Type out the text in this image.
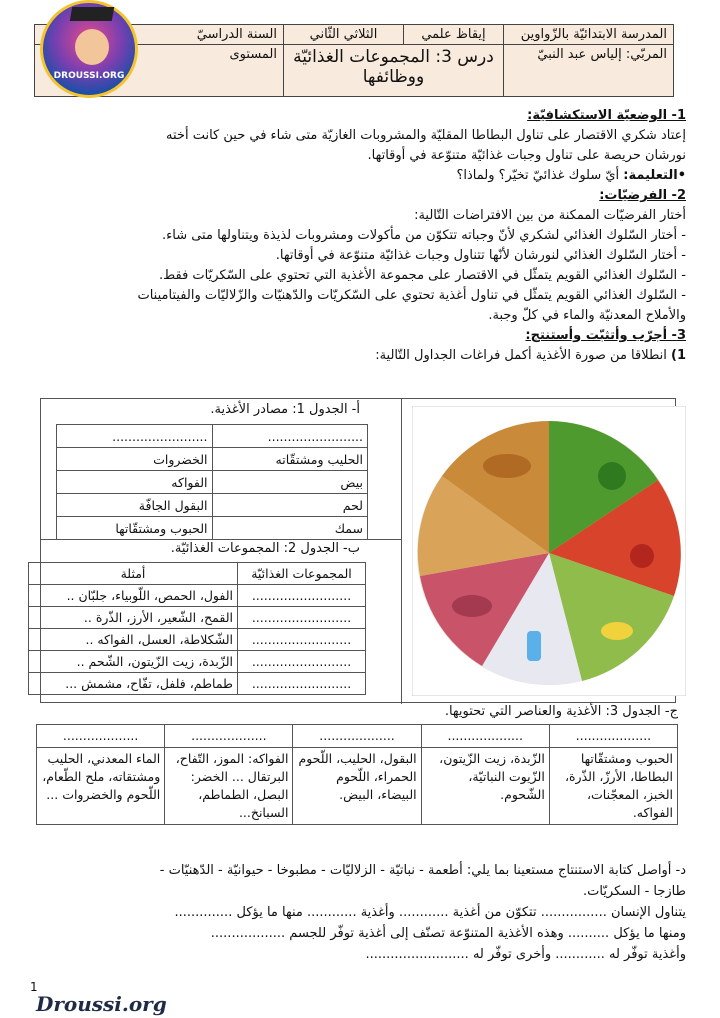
المدرسة الابتدائيّة بالزّواوين	إيقاظ علمي	الثلاثي الثّاني	السنة الدراسيّ
المربّي: إلياس عبد النبيّ	درس 3: المجموعات الغذائيّة ووظائفها		المستوى
DROUSSI.ORG
1- الوضعيّة الاستكشافيّة:
إعتاد شكري الاقتصار على تناول البطاطا المقليّة والمشروبات الغازيّة متى شاء في حين كانت أخته
نورشان حريصة على تناول وجبات غذائيّة متنوّعة في أوقاتها.
•التعليمة: أيّ سلوك غذائيّ تخيّر؟ ولماذا؟
2- الفرضيّات:
أختار الفرضيّات الممكنة من بين الافتراضات التّالية:
- أختار السّلوك الغذائي لشكري لأنّ وجباته تتكوّن من مأكولات ومشروبات لذيذة ويتناولها متى شاء.
- أختار السّلوك الغذائي لنورشان لأنّها تتناول وجبات غذائيّة متنوّعة في أوقاتها.
- السّلوك الغذائي القويم يتمثّل في الاقتصار على مجموعة الأغذية التي تحتوي على السّكريّات فقط.
- السّلوك الغذائي القويم يتمثّل في تناول أغذية تحتوي على السّكريّات والدّهنيّات والزّلاليّات والفيتامينات
والأملاح المعدنيّة والماء في كلّ وجبة.
3- أجرّب وأتثبّت وأستنتج:
1) انطلاقا من صورة الأغذية أكمل فراغات الجداول التّالية:
أ- الجدول 1: مصادر الأغذية.
........................	........................
الحليب ومشتقّاته	الخضروات
بيض	الفواكه
لحم	البقول الجافّة
سمك	الحبوب ومشتقّاتها
ب- الجدول 2: المجموعات الغذائيّة.
المجموعات الغذائيّة	أمثلة
.........................	الفول، الحمص، اللّوبياء، جلبّان ..
.........................	القمح، الشّعير، الأرز، الذّرة ..
.........................	الشّكلاطة، العسل، الفواكه ..
.........................	الزّبدة، زيت الزّيتون، الشّحم ..
.........................	طماطم، فلفل، تفّاح، مشمش ...
ج- الجدول 3: الأغذية والعناصر التي تحتويها.
...................	...................	...................	...................	...................
الحبوب ومشتقّاتها البطاطا، الأرزّ، الذّرة، الخبز، المعجّنات، الفواكه.	الزّبدة، زيت الزّيتون، الزّيوت النباتيّة، الشّحوم.	البقول، الحليب، اللّحوم الحمراء، اللّحوم البيضاء، البيض.	الفواكه: الموز، التّفاح، البرتقال ... الخضر: البصل، الطماطم، السبانخ...	الماء المعدني، الحليب ومشتقاته، ملح الطّعام، اللّحوم والخضروات ...
د- أواصل كتابة الاستنتاج مستعينا بما يلي: أطعمة - نباتيّة - الزلاليّات - مطبوخا - حيوانيّة - الدّهنيّات -
طازجا - السكريّات.
يتناول الإنسان ................ تتكوّن من أغذية ............ وأغذية ............ منها ما يؤكل ..............
ومنها ما يؤكل .......... وهذه الأغذية المتنوّعة تصنّف إلى أغذية توفّر للجسم ..................
وأغذية توفّر له ............ وأخرى توفّر له .........................
1
Droussi.org
